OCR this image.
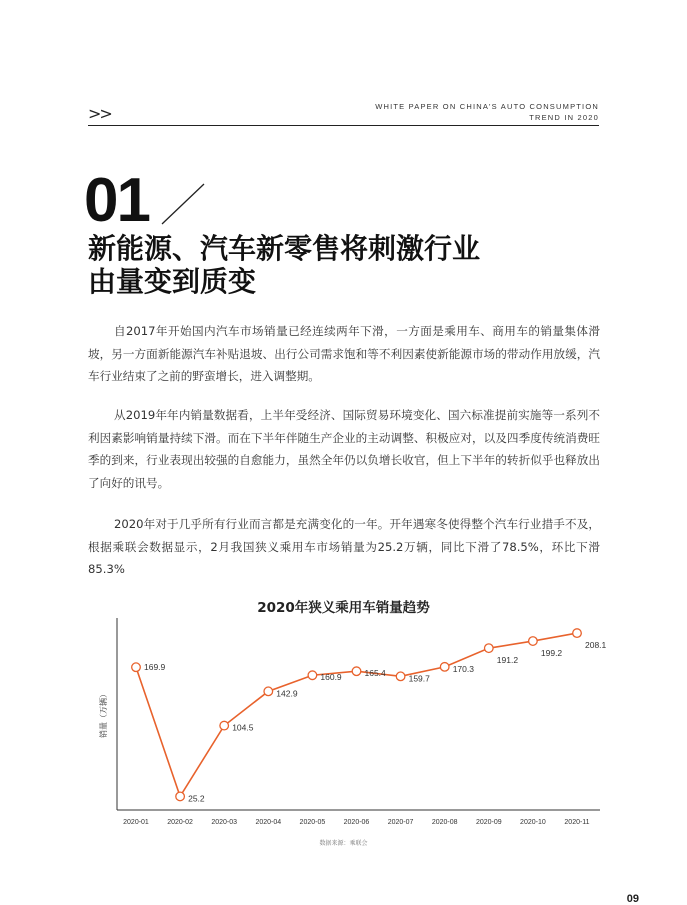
>>	WHITE PAPER ON CHINA'S AUTO CONSUMPTION
TREND IN 2020
01
新能源、汽车新零售将刺激行业
由量变到质变
自2017年开始国内汽车市场销量已经连续两年下滑，一方面是乘用车、商用车的销量集体滑坡，另一方面新能源汽车补贴退坡、出行公司需求饱和等不利因素使新能源市场的带动作用放缓，汽车行业结束了之前的野蛮增长，进入调整期。
从2019年年内销量数据看，上半年受经济、国际贸易环境变化、国六标准提前实施等一系列不利因素影响销量持续下滑。而在下半年伴随生产企业的主动调整、积极应对，以及四季度传统消费旺季的到来，行业表现出较强的自愈能力，虽然全年仍以负增长收官，但上下半年的转折似乎也释放出了向好的讯号。
2020年对于几乎所有行业而言都是充满变化的一年。开年遇寒冬使得整个汽车行业措手不及，根据乘联会数据显示，2月我国狭义乘用车市场销量为25.2万辆，同比下滑了78.5%，环比下滑85.3%
2020年狭义乘用车销量趋势
销量（万辆）
169.9
2020-01
25.2
2020-02
104.5
2020-03
142.9
2020-04
160.9
2020-05
165.4
2020-06
159.7
2020-07
170.3
2020-08
191.2
2020-09
199.2
2020-10
208.1
2020-11
数据来源：乘联会
09
